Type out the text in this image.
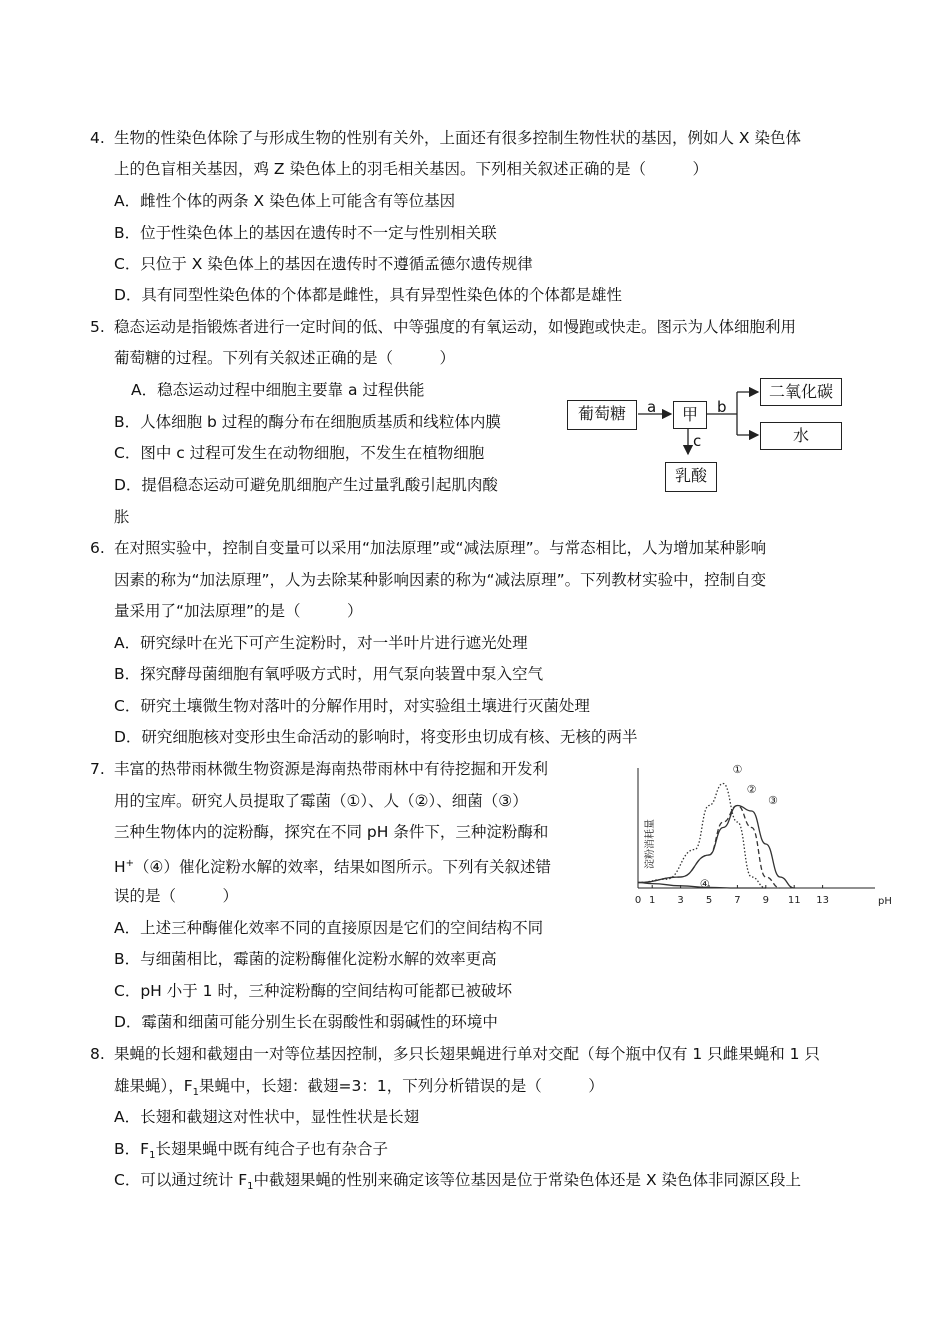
4. 生物的性染色体除了与形成生物的性别有关外，上面还有很多控制生物性状的基因，例如人 X 染色体
上的色盲相关基因，鸡 Z 染色体上的羽毛相关基因。下列相关叙述正确的是（　　　）
A．雌性个体的两条 X 染色体上可能含有等位基因
B．位于性染色体上的基因在遗传时不一定与性别相关联
C．只位于 X 染色体上的基因在遗传时不遵循孟德尔遗传规律
D．具有同型性染色体的个体都是雌性，具有异型性染色体的个体都是雄性
5. 稳态运动是指锻炼者进行一定时间的低、中等强度的有氧运动，如慢跑或快走。图示为人体细胞利用
葡萄糖的过程。下列有关叙述正确的是（　　　）
A．稳态运动过程中细胞主要靠 a 过程供能
B．人体细胞 b 过程的酶分布在细胞质基质和线粒体内膜
C．图中 c 过程可发生在动物细胞，不发生在植物细胞
D．提倡稳态运动可避免肌细胞产生过量乳酸引起肌肉酸
胀
葡萄糖	甲
二氧化碳
水
乳酸
a	b
c
6. 在对照实验中，控制自变量可以采用“加法原理”或“减法原理”。与常态相比，人为增加某种影响
因素的称为“加法原理”，人为去除某种影响因素的称为“减法原理”。下列教材实验中，控制自变
量采用了“加法原理”的是（　　　）
A．研究绿叶在光下可产生淀粉时，对一半叶片进行遮光处理
B．探究酵母菌细胞有氧呼吸方式时，用气泵向装置中泵入空气
C．研究土壤微生物对落叶的分解作用时，对实验组土壤进行灭菌处理
D．研究细胞核对变形虫生命活动的影响时，将变形虫切成有核、无核的两半
7. 丰富的热带雨林微生物资源是海南热带雨林中有待挖掘和开发利
用的宝库。研究人员提取了霉菌（①）、人（②）、细菌（③）
三种生物体内的淀粉酶，探究在不同 pH 条件下，三种淀粉酶和
H+（④）催化淀粉水解的效率，结果如图所示。下列有关叙述错
误的是（　　　）
A．上述三种酶催化效率不同的直接原因是它们的空间结构不同
B．与细菌相比，霉菌的淀粉酶催化淀粉水解的效率更高
C．pH 小于 1 时，三种淀粉酶的空间结构可能都已被破坏
D．霉菌和细菌可能分别生长在弱酸性和弱碱性的环境中
0 1 3 5 7 9 11 13
①
②
③
④
淀粉消耗量
pH
8. 果蝇的长翅和截翅由一对等位基因控制，多只长翅果蝇进行单对交配（每个瓶中仅有 1 只雌果蝇和 1 只
雄果蝇），$F_1$果蝇中，长翅：截翅=3：1，下列分析错误的是（　　　）
A．长翅和截翅这对性状中，显性性状是长翅
B．$F_1$长翅果蝇中既有纯合子也有杂合子
C．可以通过统计 $F_1$中截翅果蝇的性别来确定该等位基因是位于常染色体还是 X 染色体非同源区段上
